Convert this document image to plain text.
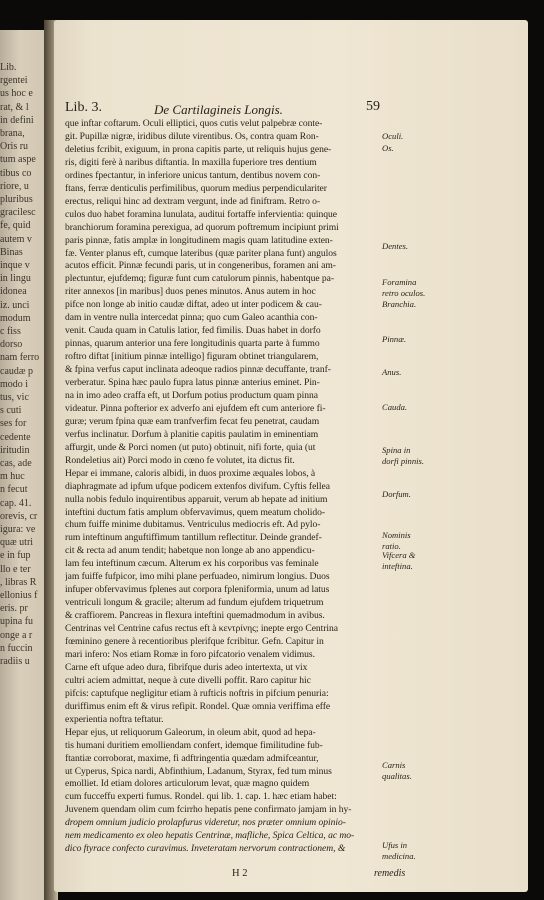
Lib.
rgentei
us hoc e
rat, & l
in defini
brana,
Oris ru
tum aspe
tibus co
riore, u
pluribus
gracilesc
fe, quid
autem v
Binas
inque v
in lingu
idonea
iz. unci
modum
c fiss
dorso
nam ferro
caudæ p
modo i
tus, vic
s cuti
ses for
cedente
iritudin
cas, ade
m huc
n fecut
cap. 41.
orevis, cr
igura: ve
quæ utri
e in fup
llo e ter
, libras R
ellonius f
eris. pr
upina fu
onge a r
n fuccin
radiis u
Lib. 3.	De Cartilagineis Longis.	59
que inftar coftarum. Oculi elliptici, quos cutis velut palpebræ conte-
git. Pupillæ nigræ, iridibus dilute virentibus. Os, contra quam Ron-
deletius fcribit, exiguum, in prona capitis parte, ut reliquis hujus gene-
ris, digiti ferè à naribus diftantia. In maxilla fuperiore tres dentium
ordines fpectantur, in inferiore unicus tantum, dentibus novem con-
ftans, ferræ denticulis perfimilibus, quorum medius perpendiculariter
erectus, reliqui hinc ad dextram vergunt, inde ad finiftram. Retro o-
culos duo habet foramina lunulata, auditui fortaffe infervientia: quinque
branchiorum foramina perexigua, ad quorum poftremum incipiunt primi
paris pinnæ, fatis amplæ in longitudinem magis quam latitudine exten-
fæ. Venter planus eft, cumque lateribus (quæ pariter plana funt) angulos
acutos efficit. Pinnæ fecundi paris, ut in congeneribus, foramen ani am-
plectuntur, ejufdemq; figuræ funt cum catulorum pinnis, habentque pa-
riter annexos [in maribus] duos penes minutos. Anus autem in hoc
pifce non longe ab initio caudæ diftat, adeo ut inter podicem & cau-
dam in ventre nulla intercedat pinna; quo cum Galeo acanthia con-
venit. Cauda quam in Catulis latior, fed fimilis. Duas habet in dorfo
pinnas, quarum anterior una fere longitudinis quarta parte à fummo
roftro diftat [initium pinnæ intelligo] figuram obtinet triangularem,
& fpina verfus caput inclinata adeoque radios pinnæ decuffante, tranf-
verberatur. Spina hæc paulo fupra latus pinnæ anterius eminet. Pin-
na in imo adeo craffa eft, ut Dorfum potius productum quam pinna
videatur. Pinna pofterior ex adverfo ani ejufdem eft cum anteriore fi-
guræ; verum fpina quæ eam tranfverfim fecat feu penetrat, caudam
verfus inclinatur. Dorfum à planitie capitis paulatim in eminentiam
affurgit, unde & Porci nomen (ut puto) obtinuit, nifi forte, quia (ut
Rondeletius ait) Porci modo in cœno fe volutet, ita dictus fit.
Hepar ei immane, caloris albidi, in duos proxime æquales lobos, à
diaphragmate ad ipfum ufque podicem extenfos divifum. Cyftis fellea
nulla nobis fedulo inquirentibus apparuit, verum ab hepate ad initium
inteftini ductum fatis amplum obfervavimus, quem meatum cholido-
chum fuiffe minime dubitamus. Ventriculus mediocris eft. Ad pylo-
rum inteftinum anguftiffimum tantillum reflectitur. Deinde grandef-
cit & recta ad anum tendit; habetque non longe ab ano appendicu-
lam feu inteftinum cæcum. Alterum ex his corporibus vas feminale
jam fuiffe fufpicor, imo mihi plane perfuadeo, nimirum longius. Duos
infuper obfervavimus fplenes aut corpora fpleniformia, unum ad latus
ventriculi longum & gracile; alterum ad fundum ejufdem triquetrum
& craffiorem. Pancreas in flexura inteftini quemadmodum in avibus.
Centrinas vel Centrine cafus rectus eft à κεντρίνης; inepte ergo Centrina
fœminino genere à recentioribus plerifque fcribitur. Gefn. Capitur in
mari infero: Nos etiam Romæ in foro pifcatorio venalem vidimus.
Carne eft ufque adeo dura, fibrifque duris adeo intertexta, ut vix
cultri aciem admittat, neque à cute divelli poffit. Raro capitur hic
pifcis: captufque negligitur etiam à rufticis noftris in pifcium penuria:
duriffimus enim eft & virus refipit. Rondel. Quæ omnia veriffima effe
experientia noftra teftatur.
Hepar ejus, ut reliquorum Galeorum, in oleum abit, quod ad hepa-
tis humani duritiem emolliendam confert, idemque fimilitudine fub-
ftantiæ corroborat, maxime, fi adftringentia quædam admifceantur,
ut Cyperus, Spica nardi, Abfinthium, Ladanum, Styrax, fed tum minus
emolliet. Id etiam dolores articulorum levat, quæ magno quidem
cum fucceffu experti fumus. Rondel. qui lib. 1. cap. 1. hæc etiam habet:
Juvenem quendam olim cum fcirrho hepatis pene confirmato jamjam in hy-
dropem omnium judicio prolapfurus videretur, nos præter omnium opinio-
nem medicamento ex oleo hepatis Centrinæ, mafliche, Spica Celtica, ac mo-
dico ftyrace confecto curavimus. Inveteratam nervorum contractionem, &
Oculi.
Os.
Dentes.
Foramina
retro oculos.
Branchia.
Pinnæ.
Anus.
Cauda.
Spina in
dorfi pinnis.
Dorfum.
Nominis
ratio.
Vifcera &
inteftina.
Carnis
qualitas.
Ufus in
medicina.
H 2	remedis
